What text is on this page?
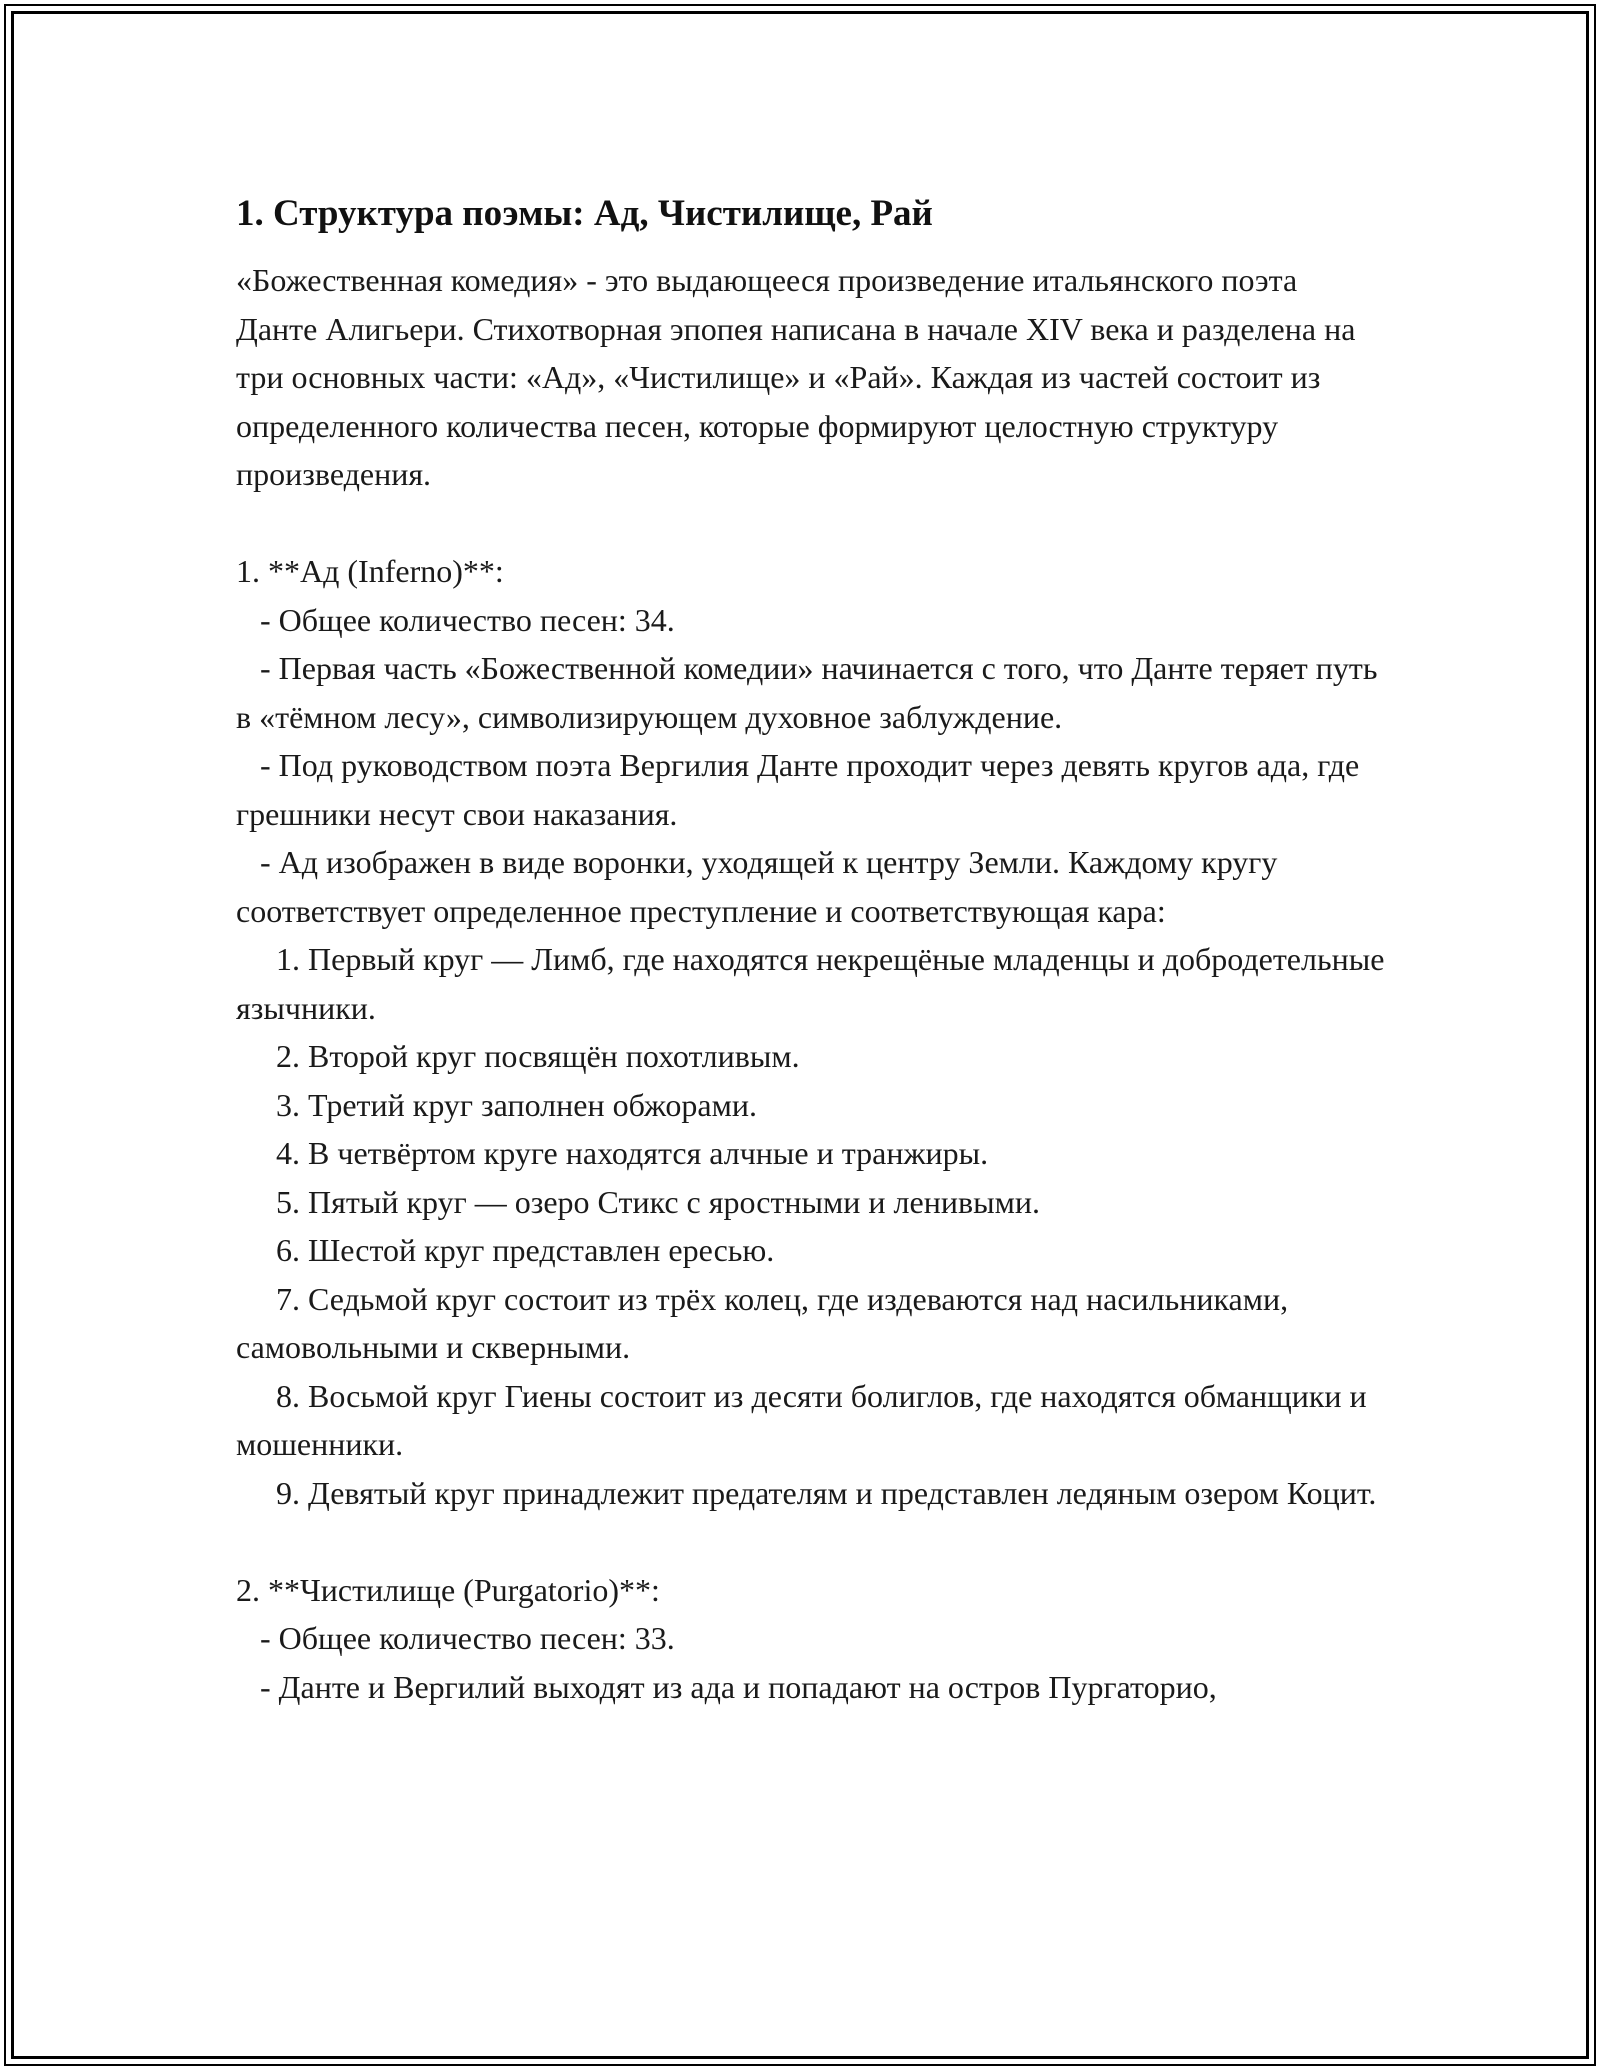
1. Структура поэмы: Ад, Чистилище, Рай
«Божественная комедия» - это выдающееся произведение итальянского поэта Данте Алигьери. Стихотворная эпопея написана в начале XIV века и разделена на три основных части: «Ад», «Чистилище» и «Рай». Каждая из частей состоит из определенного количества песен, которые формируют целостную структуру произведения.
1. **Ад (Inferno)**:
- Общее количество песен: 34.
- Первая часть «Божественной комедии» начинается с того, что Данте теряет путь в «тёмном лесу», символизирующем духовное заблуждение.
- Под руководством поэта Вергилия Данте проходит через девять кругов ада, где грешники несут свои наказания.
- Ад изображен в виде воронки, уходящей к центру Земли. Каждому кругу соответствует определенное преступление и соответствующая кара:
1. Первый круг — Лимб, где находятся некрещёные младенцы и добродетельные язычники.
2. Второй круг посвящён похотливым.
3. Третий круг заполнен обжорами.
4. В четвёртом круге находятся алчные и транжиры.
5. Пятый круг — озеро Стикс с яростными и ленивыми.
6. Шестой круг представлен ересью.
7. Седьмой круг состоит из трёх колец, где издеваются над насильниками, самовольными и скверными.
8. Восьмой круг Гиены состоит из десяти болиглов, где находятся обманщики и мошенники.
9. Девятый круг принадлежит предателям и представлен ледяным озером Коцит.
2. **Чистилище (Purgatorio)**:
- Общее количество песен: 33.
- Данте и Вергилий выходят из ада и попадают на остров Пургаторио,
